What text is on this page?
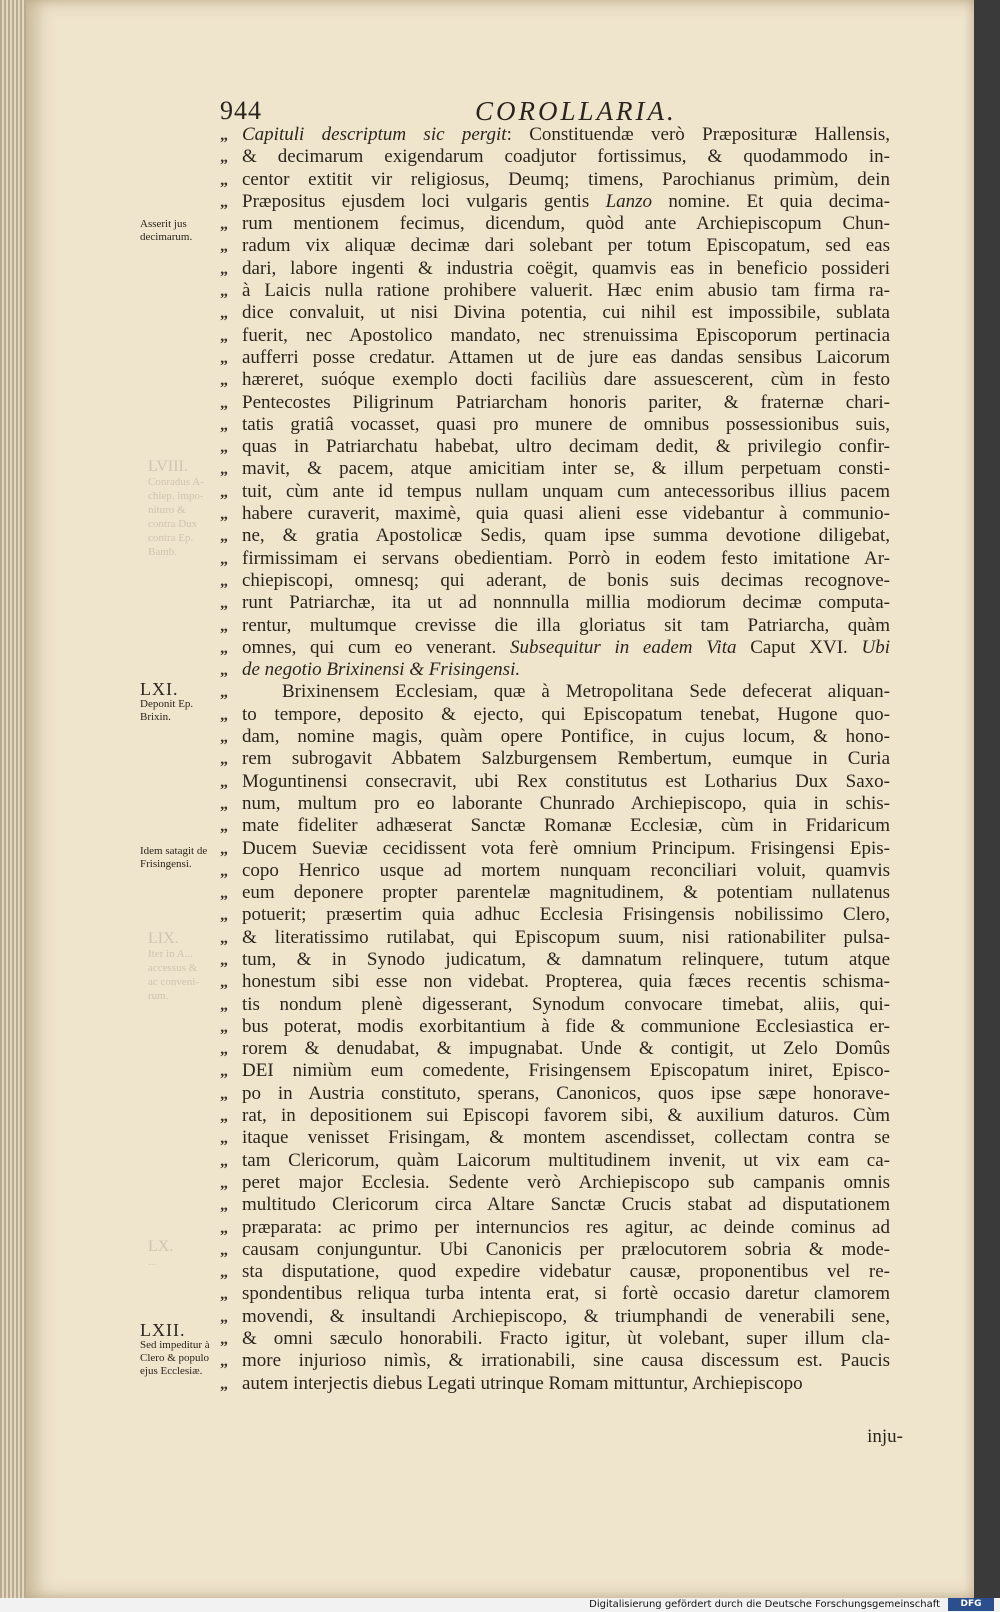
944	COROLLARIA.
LVIII.
Conradus A-
chiep. impo-
nituro &
contra Dux
contra Ep.
Bamb.
LIX.
Iter in A...
accessus &
ac conveni-
rum.
LX.
...
Asserit jus decimarum.
LXI.
Deponit Ep. Brixin.
Idem satagit de Frisingensi.
LXII.
Sed impeditur à Clero & populo ejus Ecclesiæ.
„ Capituli descriptum sic pergit: Constituendæ verò Præposituræ Hallensis,
„ & decimarum exigendarum coadjutor fortissimus, & quodammodo in-
„ centor extitit vir religiosus, Deumq; timens, Parochianus primùm, dein
„ Præpositus ejusdem loci vulgaris gentis Lanzo nomine. Et quia decima-
„ rum mentionem fecimus, dicendum, quòd ante Archiepiscopum Chun-
„ radum vix aliquæ decimæ dari solebant per totum Episcopatum, sed eas
„ dari, labore ingenti & industria coëgit, quamvis eas in beneficio possideri
„ à Laicis nulla ratione prohibere valuerit. Hæc enim abusio tam firma ra-
„ dice convaluit, ut nisi Divina potentia, cui nihil est impossibile, sublata
„ fuerit, nec Apostolico mandato, nec strenuissima Episcoporum pertinacia
„ aufferri posse credatur. Attamen ut de jure eas dandas sensibus Laicorum
„ hæreret, suóque exemplo docti faciliùs dare assuescerent, cùm in festo
„ Pentecostes Piligrinum Patriarcham honoris pariter, & fraternæ chari-
„ tatis gratiâ vocasset, quasi pro munere de omnibus possessionibus suis,
„ quas in Patriarchatu habebat, ultro decimam dedit, & privilegio confir-
„ mavit, & pacem, atque amicitiam inter se, & illum perpetuam consti-
„ tuit, cùm ante id tempus nullam unquam cum antecessoribus illius pacem
„ habere curaverit, maximè, quia quasi alieni esse videbantur à communio-
„ ne, & gratia Apostolicæ Sedis, quam ipse summa devotione diligebat,
„ firmissimam ei servans obedientiam. Porrò in eodem festo imitatione Ar-
„ chiepiscopi, omnesq; qui aderant, de bonis suis decimas recognove-
„ runt Patriarchæ, ita ut ad nonnnulla millia modiorum decimæ computa-
„ rentur, multumque crevisse die illa gloriatus sit tam Patriarcha, quàm
„ omnes, qui cum eo venerant. Subsequitur in eadem Vita Caput XVI. Ubi
„ de negotio Brixinensi & Frisingensi.
„	Brixinensem Ecclesiam, quæ à Metropolitana Sede defecerat aliquan-
„ to tempore, deposito & ejecto, qui Episcopatum tenebat, Hugone quo-
„ dam, nomine magis, quàm opere Pontifice, in cujus locum, & hono-
„ rem subrogavit Abbatem Salzburgensem Rembertum, eumque in Curia
„ Moguntinensi consecravit, ubi Rex constitutus est Lotharius Dux Saxo-
„ num, multum pro eo laborante Chunrado Archiepiscopo, quia in schis-
„ mate fideliter adhæserat Sanctæ Romanæ Ecclesiæ, cùm in Fridaricum
„ Ducem Sueviæ cecidissent vota ferè omnium Principum. Frisingensi Epis-
„ copo Henrico usque ad mortem nunquam reconciliari voluit, quamvis
„ eum deponere propter parentelæ magnitudinem, & potentiam nullatenus
„ potuerit; præsertim quia adhuc Ecclesia Frisingensis nobilissimo Clero,
„ & literatissimo rutilabat, qui Episcopum suum, nisi rationabiliter pulsa-
„ tum, & in Synodo judicatum, & damnatum relinquere, tutum atque
„ honestum sibi esse non videbat. Propterea, quia fæces recentis schisma-
„ tis nondum plenè digesserant, Synodum convocare timebat, aliis, qui-
„ bus poterat, modis exorbitantium à fide & communione Ecclesiastica er-
„ rorem & denudabat, & impugnabat. Unde & contigit, ut Zelo Domûs
„ DEI nimiùm eum comedente, Frisingensem Episcopatum iniret, Episco-
„ po in Austria constituto, sperans, Canonicos, quos ipse sæpe honorave-
„ rat, in depositionem sui Episcopi favorem sibi, & auxilium daturos. Cùm
„ itaque venisset Frisingam, & montem ascendisset, collectam contra se
„ tam Clericorum, quàm Laicorum multitudinem invenit, ut vix eam ca-
„ peret major Ecclesia. Sedente verò Archiepiscopo sub campanis omnis
„ multitudo Clericorum circa Altare Sanctæ Crucis stabat ad disputationem
„ præparata: ac primo per internuncios res agitur, ac deinde cominus ad
„ causam conjunguntur. Ubi Canonicis per prælocutorem sobria & mode-
„ sta disputatione, quod expedire videbatur causæ, proponentibus vel re-
„ spondentibus reliqua turba intenta erat, si fortè occasio daretur clamorem
„ movendi, & insultandi Archiepiscopo, & triumphandi de venerabili sene,
„ & omni sæculo honorabili. Fracto igitur, ùt volebant, super illum cla-
„ more injurioso nimìs, & irrationabili, sine causa discessum est. Paucis
„ autem interjectis diebus Legati utrinque Romam mittuntur, Archiepiscopo
inju-
Digitalisierung gefördert durch die Deutsche Forschungsgemeinschaft	DFG
